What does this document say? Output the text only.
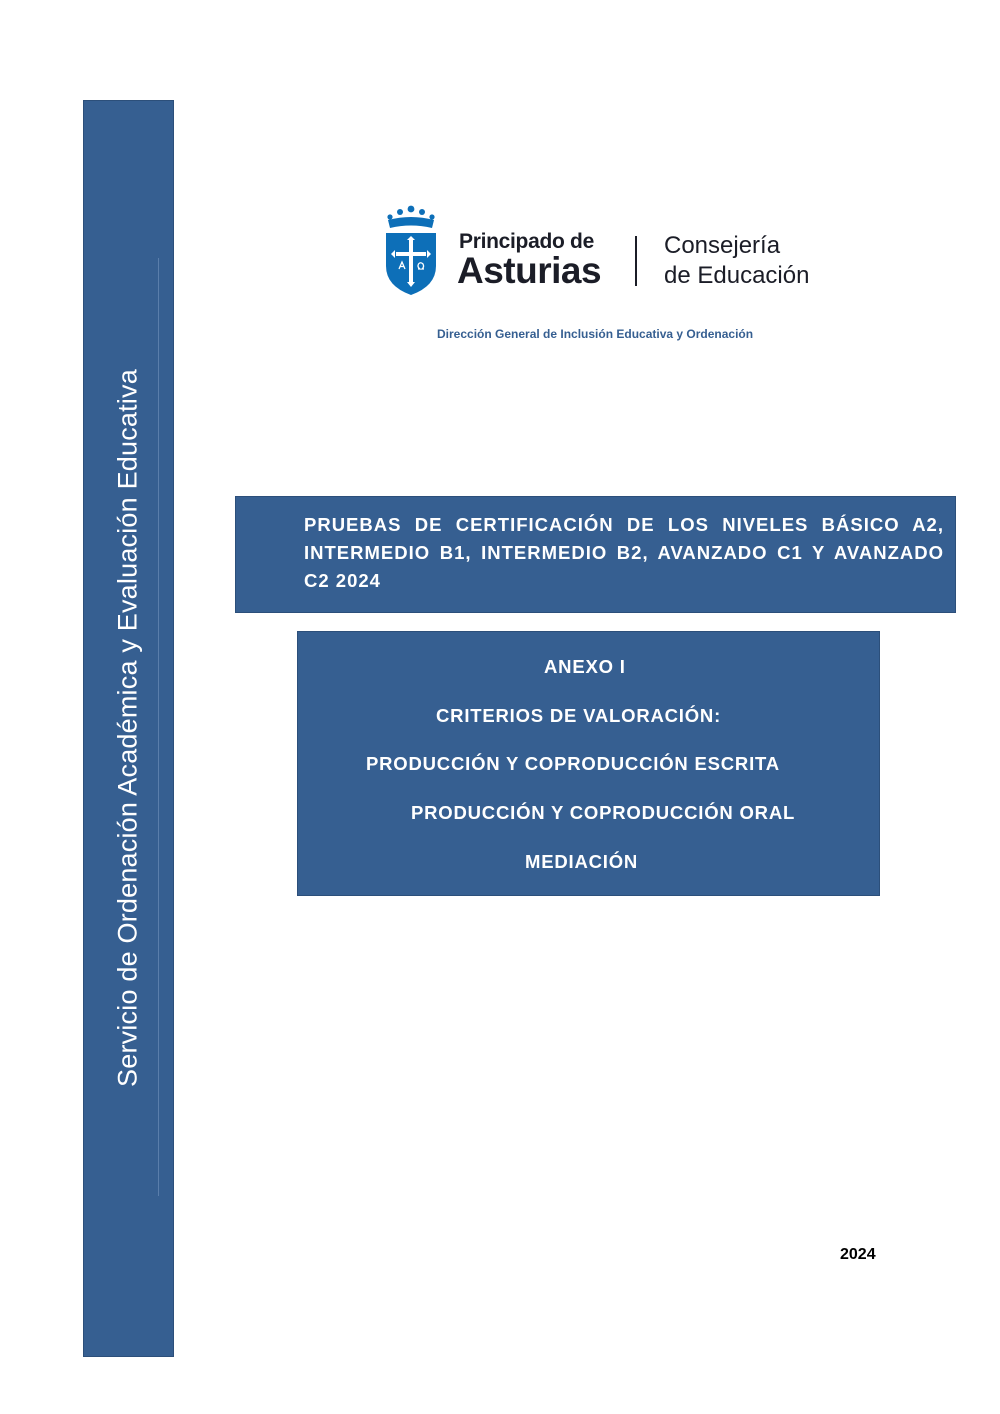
Servicio de Ordenación Académica y Evaluación Educativa
Principado de
Asturias
Consejería
de Educación
Dirección General de Inclusión Educativa y Ordenación
PRUEBAS DE CERTIFICACIÓN DE LOS NIVELES BÁSICO A2, INTERMEDIO B1, INTERMEDIO B2, AVANZADO C1 Y AVANZADO C2 2024
ANEXO I
CRITERIOS DE VALORACIÓN:
PRODUCCIÓN Y COPRODUCCIÓN ESCRITA
PRODUCCIÓN Y COPRODUCCIÓN ORAL
MEDIACIÓN
2024
